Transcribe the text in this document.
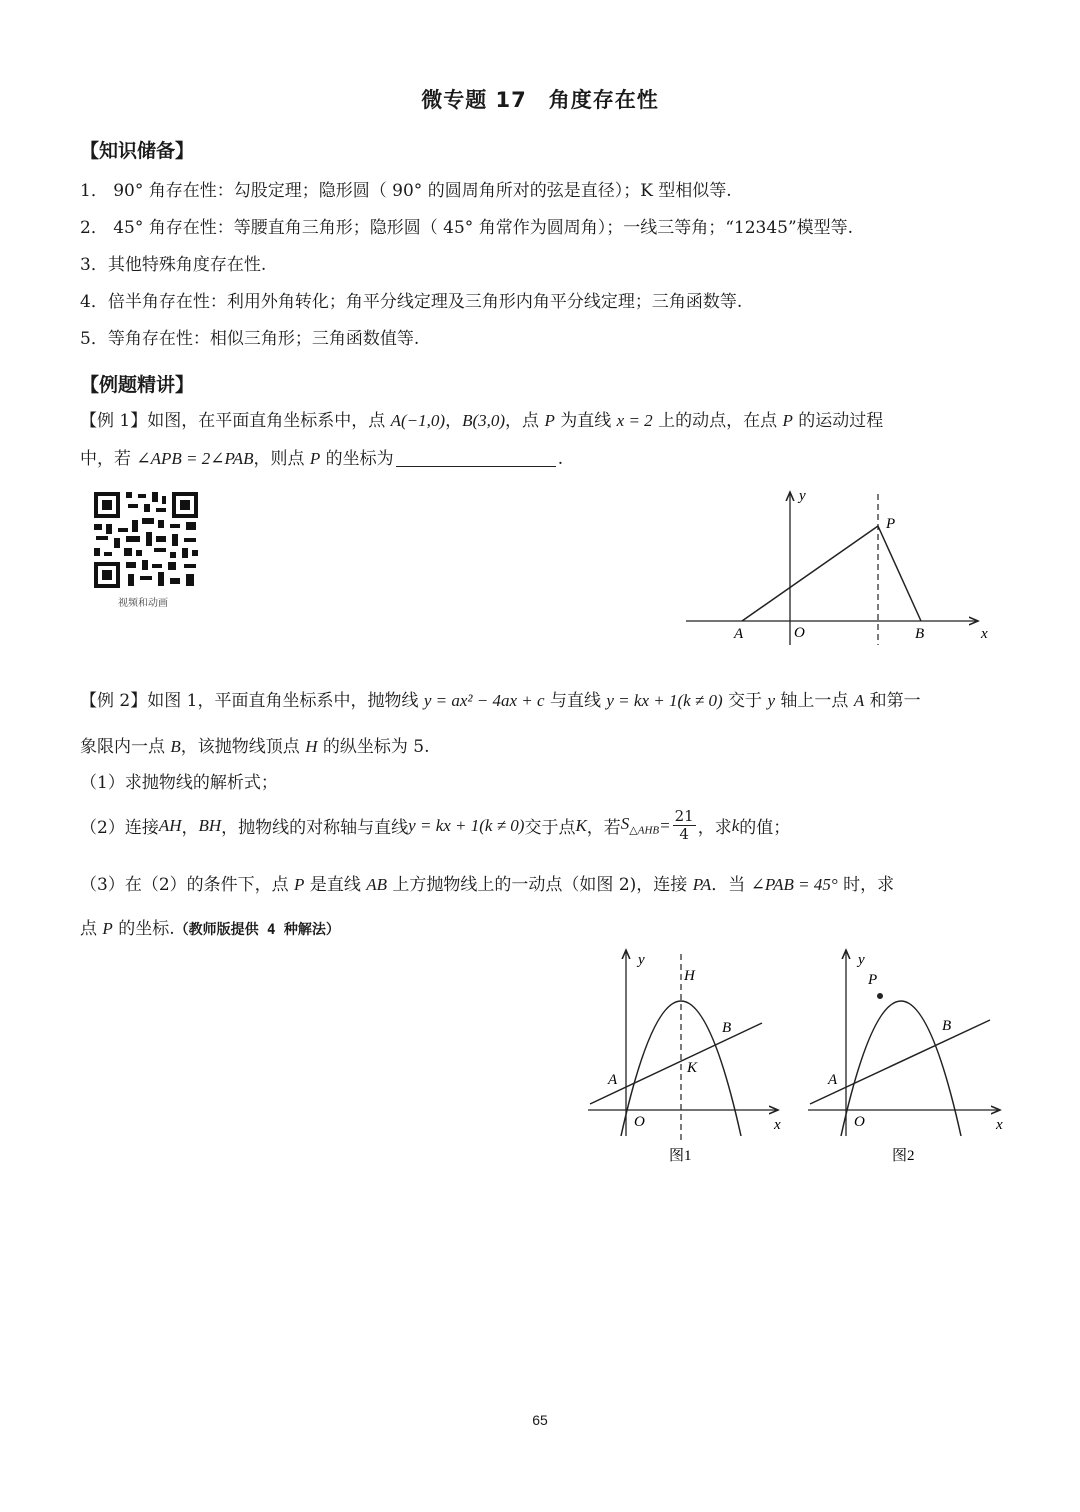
微专题 17　角度存在性
【知识储备】
1． 90° 角存在性：勾股定理；隐形圆（ 90° 的圆周角所对的弦是直径）；K 型相似等.
2． 45° 角存在性：等腰直角三角形；隐形圆（ 45° 角常作为圆周角）；一线三等角；“12345”模型等.
3．其他特殊角度存在性.
4．倍半角存在性：利用外角转化；角平分线定理及三角形内角平分线定理；三角函数等.
5．等角存在性：相似三角形；三角函数值等.
【例题精讲】
【例 1】如图，在平面直角坐标系中，点 A(−1,0)，B(3,0)，点 P 为直线 x = 2 上的动点，在点 P 的运动过程
中，若 ∠APB = 2∠PAB，则点 P 的坐标为	.
视频和动画
y
x
P
A	O	B
【例 2】如图 1，平面直角坐标系中，抛物线 y = ax² − 4ax + c 与直线 y = kx + 1(k ≠ 0) 交于 y 轴上一点 A 和第一
象限内一点 B，该抛物线顶点 H 的纵坐标为 5.
（1）求抛物线的解析式；
（2）连接 AH ， BH ，抛物线的对称轴与直线 y = kx + 1(k ≠ 0) 交于点 K ，若 $S_{\triangle AHB} = \frac{21}{4}$ ，求 k 的值；
（3）在（2）的条件下，点 P 是直线 AB 上方抛物线上的一动点（如图 2)，连接 PA．当 ∠PAB = 45° 时，求
点 P 的坐标.（教师版提供 4 种解法）
y
x
H
B
K
A
O
图1
y
x
P
B
A
O
图2
65
